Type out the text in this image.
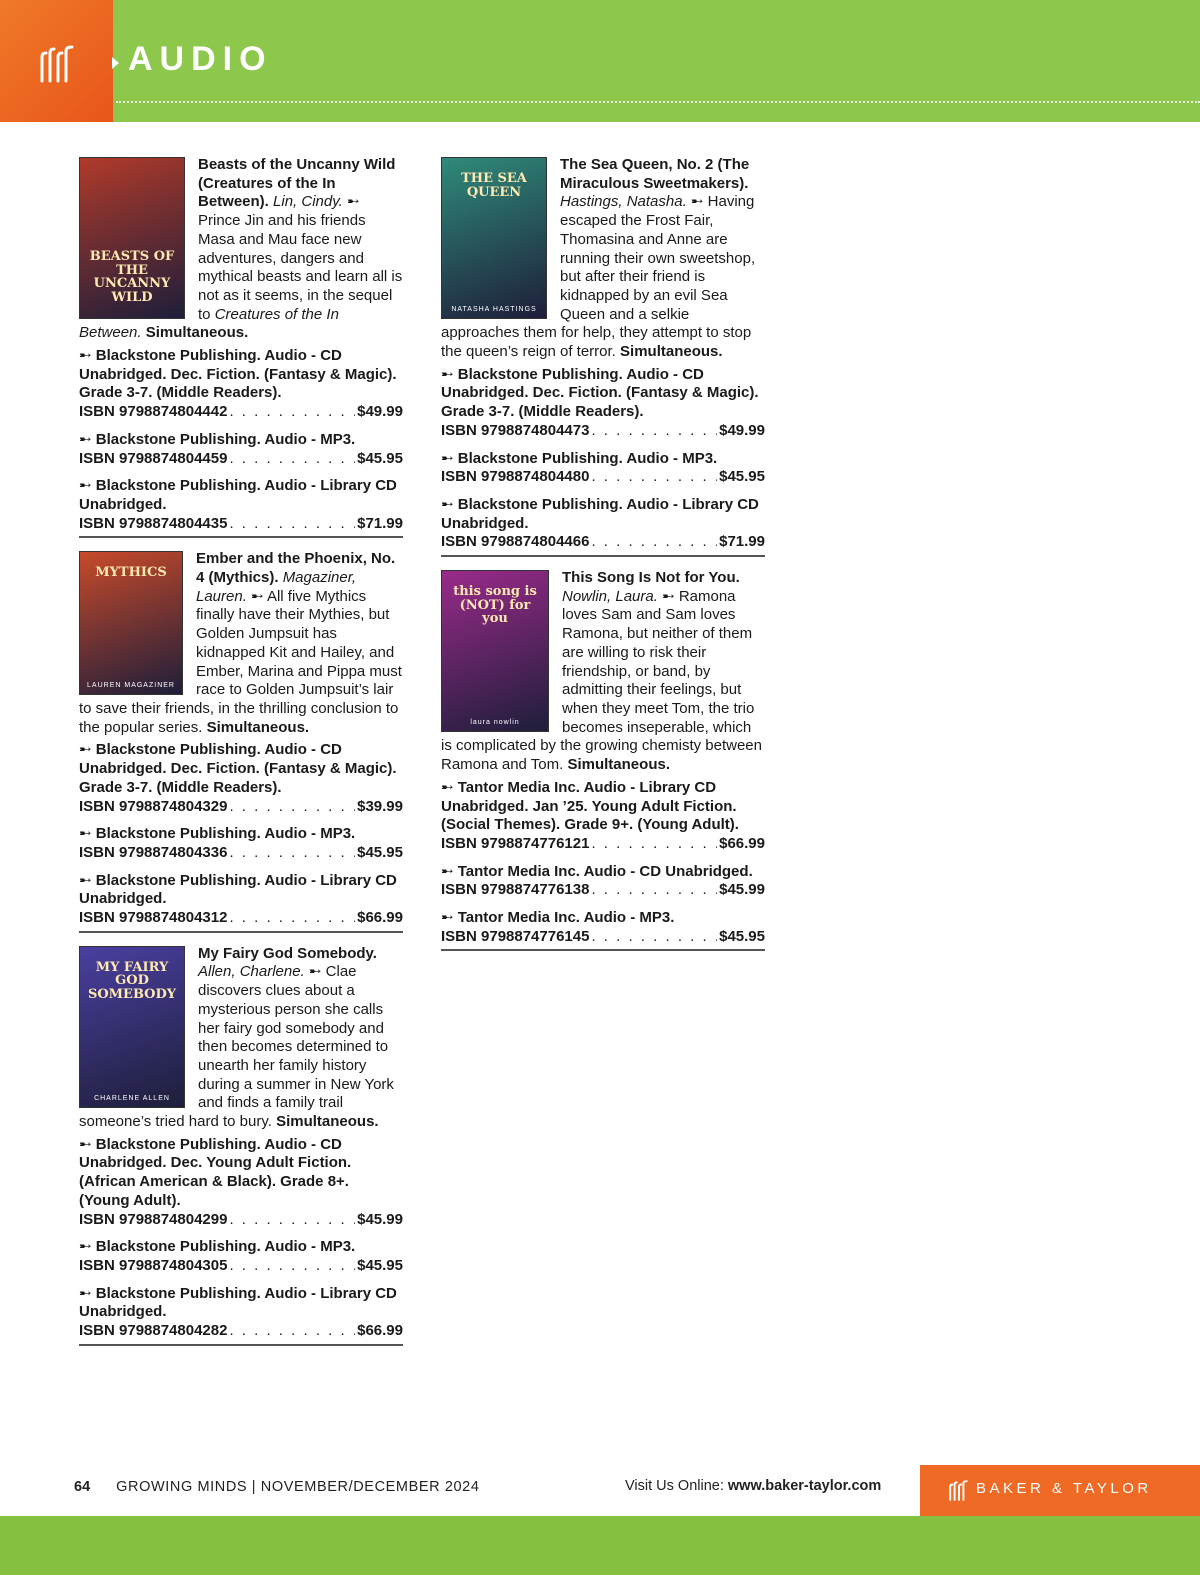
AUDIO
BEASTS OF THE UNCANNY WILD
Beasts of the Uncanny Wild (Creatures of the In Between). Lin, Cindy. ➸ Prince Jin and his friends Masa and Mau face new adventures, dangers and mythical beasts and learn all is not as it seems, in the sequel to Creatures of the In Between. Simultaneous.
➸ Blackstone Publishing. Audio - CD Unabridged. Dec. Fiction. (Fantasy & Magic). Grade 3-7. (Middle Readers).
ISBN 9798874804442 . . .	$49.99
➸ Blackstone Publishing. Audio - MP3.
ISBN 9798874804459 . . .	$45.95
➸ Blackstone Publishing. Audio - Library CD Unabridged.
ISBN 9798874804435 . . .	$71.99
MYTHICS
LAUREN MAGAZINER
Ember and the Phoenix, No. 4 (Mythics). Magaziner, Lauren. ➸ All five Mythics finally have their Mythies, but Golden Jumpsuit has kidnapped Kit and Hailey, and Ember, Marina and Pippa must race to Golden Jumpsuit’s lair to save their friends, in the thrilling conclusion to the popular series. Simultaneous.
➸ Blackstone Publishing. Audio - CD Unabridged. Dec. Fiction. (Fantasy & Magic). Grade 3-7. (Middle Readers).
ISBN 9798874804329 . . .	$39.99
➸ Blackstone Publishing. Audio - MP3.
ISBN 9798874804336 . . .	$45.95
➸ Blackstone Publishing. Audio - Library CD Unabridged.
ISBN 9798874804312 . . .	$66.99
MY FAIRY GOD SOMEBODY
CHARLENE ALLEN
My Fairy God Somebody. Allen, Charlene. ➸ Clae discovers clues about a mysterious person she calls her fairy god somebody and then becomes determined to unearth her family history during a summer in New York and finds a family trail someone’s tried hard to bury. Simultaneous.
➸ Blackstone Publishing. Audio - CD Unabridged. Dec. Young Adult Fiction. (African American & Black). Grade 8+. (Young Adult).
ISBN 9798874804299 . . .	$45.99
➸ Blackstone Publishing. Audio - MP3.
ISBN 9798874804305 . . .	$45.95
➸ Blackstone Publishing. Audio - Library CD Unabridged.
ISBN 9798874804282 . . .	$66.99
THE SEA QUEEN
NATASHA HASTINGS
The Sea Queen, No. 2 (The Miraculous Sweetmakers). Hastings, Natasha. ➸ Having escaped the Frost Fair, Thomasina and Anne are running their own sweetshop, but after their friend is kidnapped by an evil Sea Queen and a selkie approaches them for help, they attempt to stop the queen’s reign of terror. Simultaneous.
➸ Blackstone Publishing. Audio - CD Unabridged. Dec. Fiction. (Fantasy & Magic). Grade 3-7. (Middle Readers).
ISBN 9798874804473 . . .	$49.99
➸ Blackstone Publishing. Audio - MP3.
ISBN 9798874804480 . . .	$45.95
➸ Blackstone Publishing. Audio - Library CD Unabridged.
ISBN 9798874804466 . . .	$71.99
this song is (NOT) for you
laura nowlin
This Song Is Not for You. Nowlin, Laura. ➸ Ramona loves Sam and Sam loves Ramona, but neither of them are willing to risk their friendship, or band, by admitting their feelings, but when they meet Tom, the trio becomes inseperable, which is complicated by the growing chemisty between Ramona and Tom. Simultaneous.
➸ Tantor Media Inc. Audio - Library CD Unabridged. Jan ’25. Young Adult Fiction. (Social Themes). Grade 9+. (Young Adult).
ISBN 9798874776121 . . .	$66.99
➸ Tantor Media Inc. Audio - CD Unabridged.
ISBN 9798874776138 . . .	$45.99
➸ Tantor Media Inc. Audio - MP3.
ISBN 9798874776145 . . .	$45.95
64 GROWING MINDS | NOVEMBER/DECEMBER 2024	Visit Us Online: www.baker-taylor.com	BAKER & TAYLOR
